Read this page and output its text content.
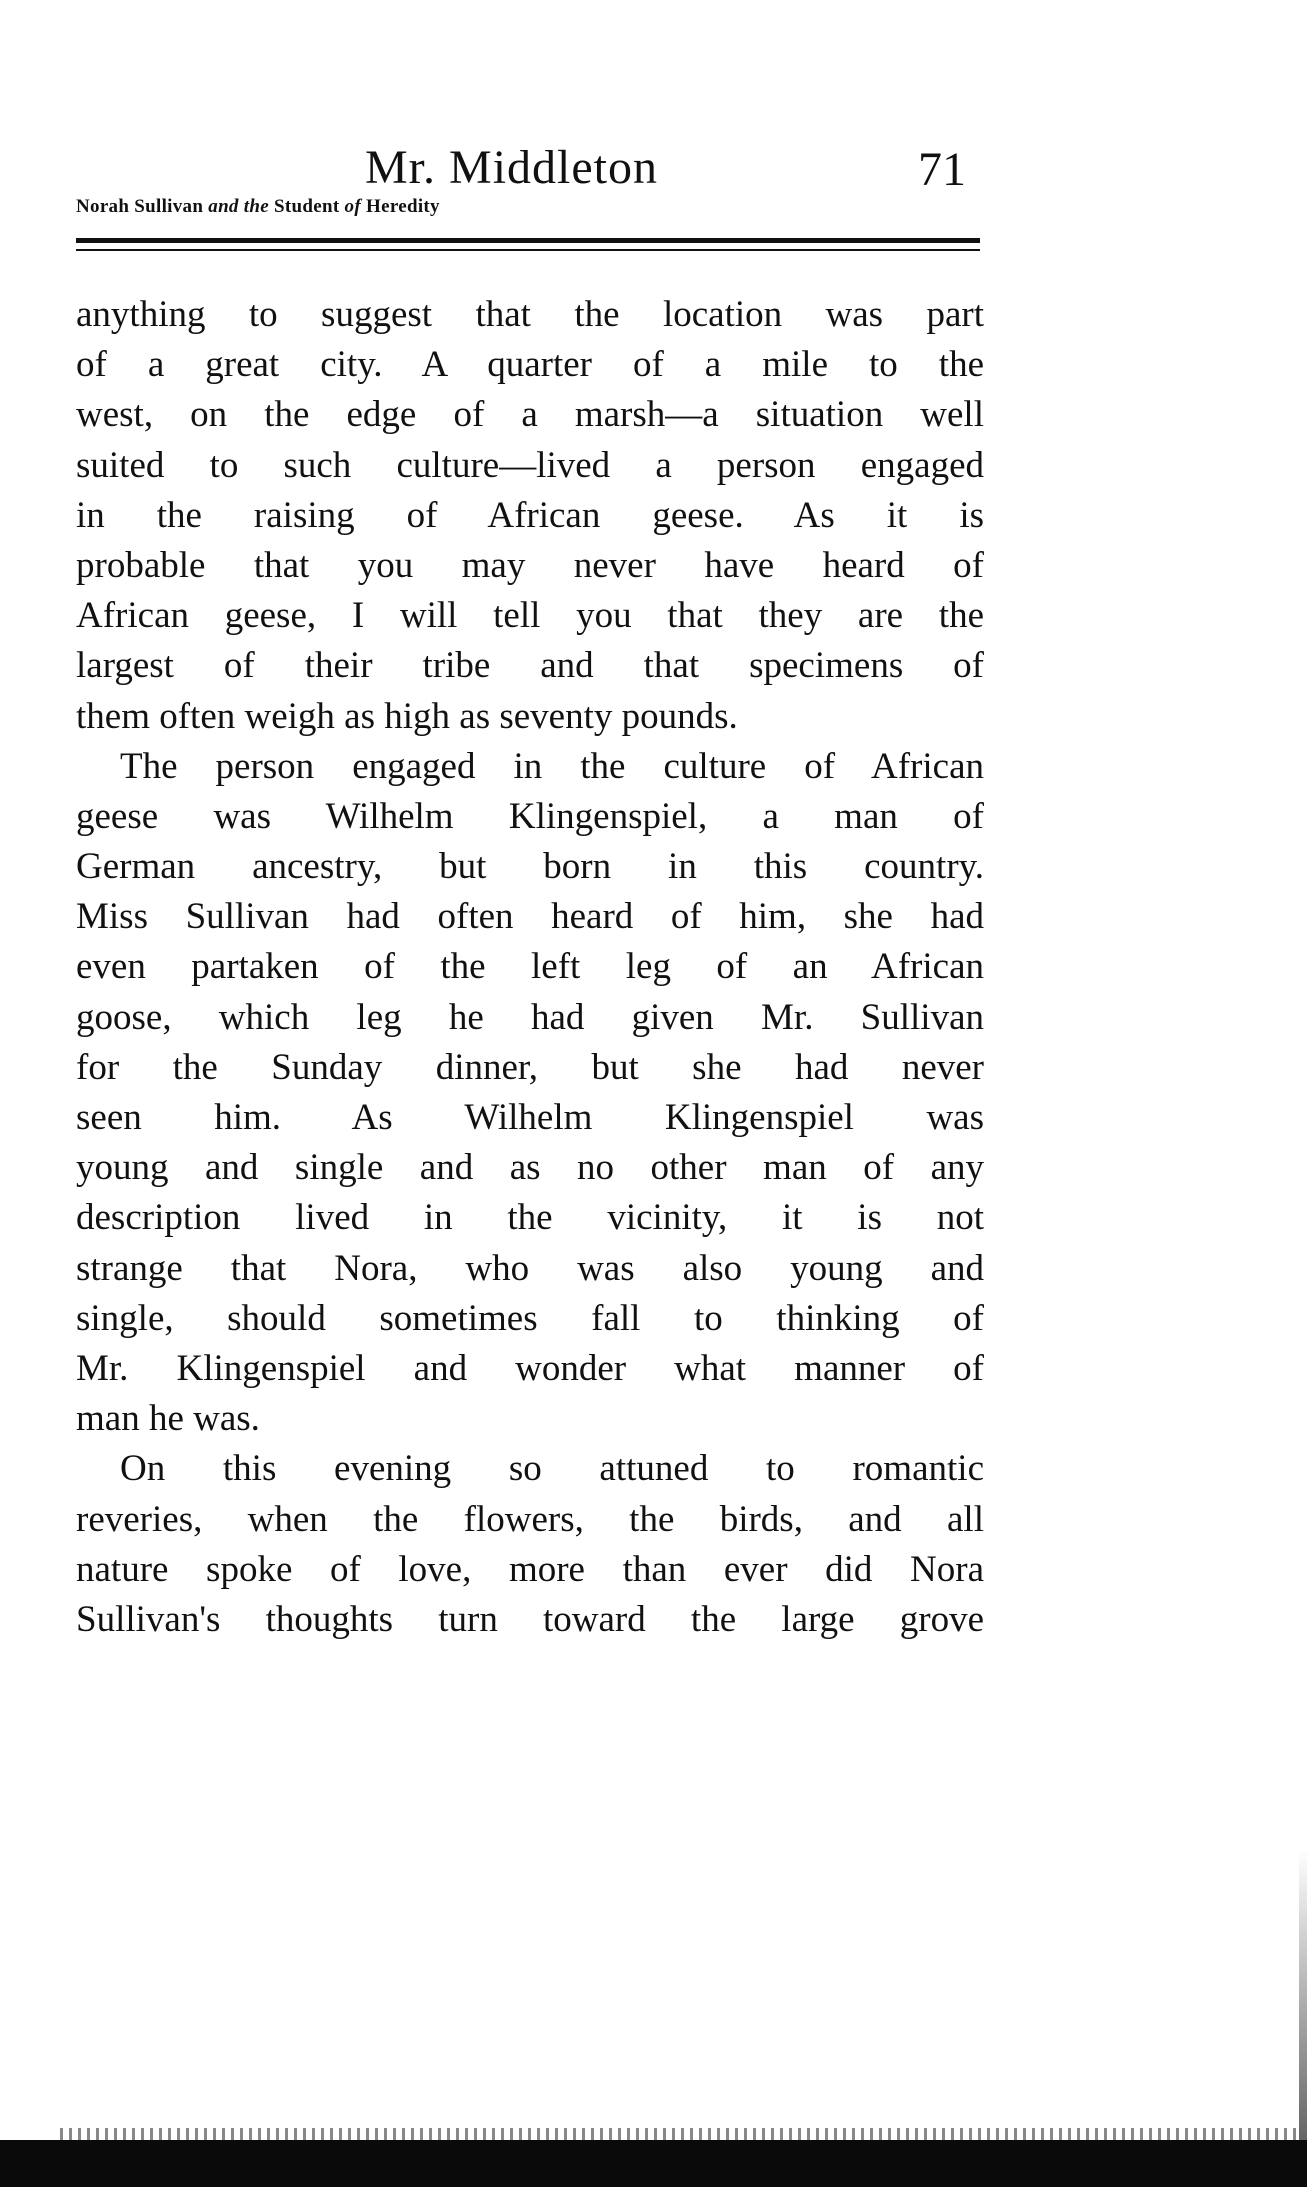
Mr. Middleton	71
Norah Sullivan and the Student of Heredity
anything to suggest that the location was part
of a great city. A quarter of a mile to the
west, on the edge of a marsh—a situation well
suited to such culture—lived a person engaged
in the raising of African geese. As it is
probable that you may never have heard of
African geese, I will tell you that they are the
largest of their tribe and that specimens of
them often weigh as high as seventy pounds.
The person engaged in the culture of African
geese was Wilhelm Klingenspiel, a man of
German ancestry, but born in this country.
Miss Sullivan had often heard of him, she had
even partaken of the left leg of an African
goose, which leg he had given Mr. Sullivan
for the Sunday dinner, but she had never
seen him. As Wilhelm Klingenspiel was
young and single and as no other man of any
description lived in the vicinity, it is not
strange that Nora, who was also young and
single, should sometimes fall to thinking of
Mr. Klingenspiel and wonder what manner of
man he was.
On this evening so attuned to romantic
reveries, when the flowers, the birds, and all
nature spoke of love, more than ever did Nora
Sullivan's thoughts turn toward the large grove
